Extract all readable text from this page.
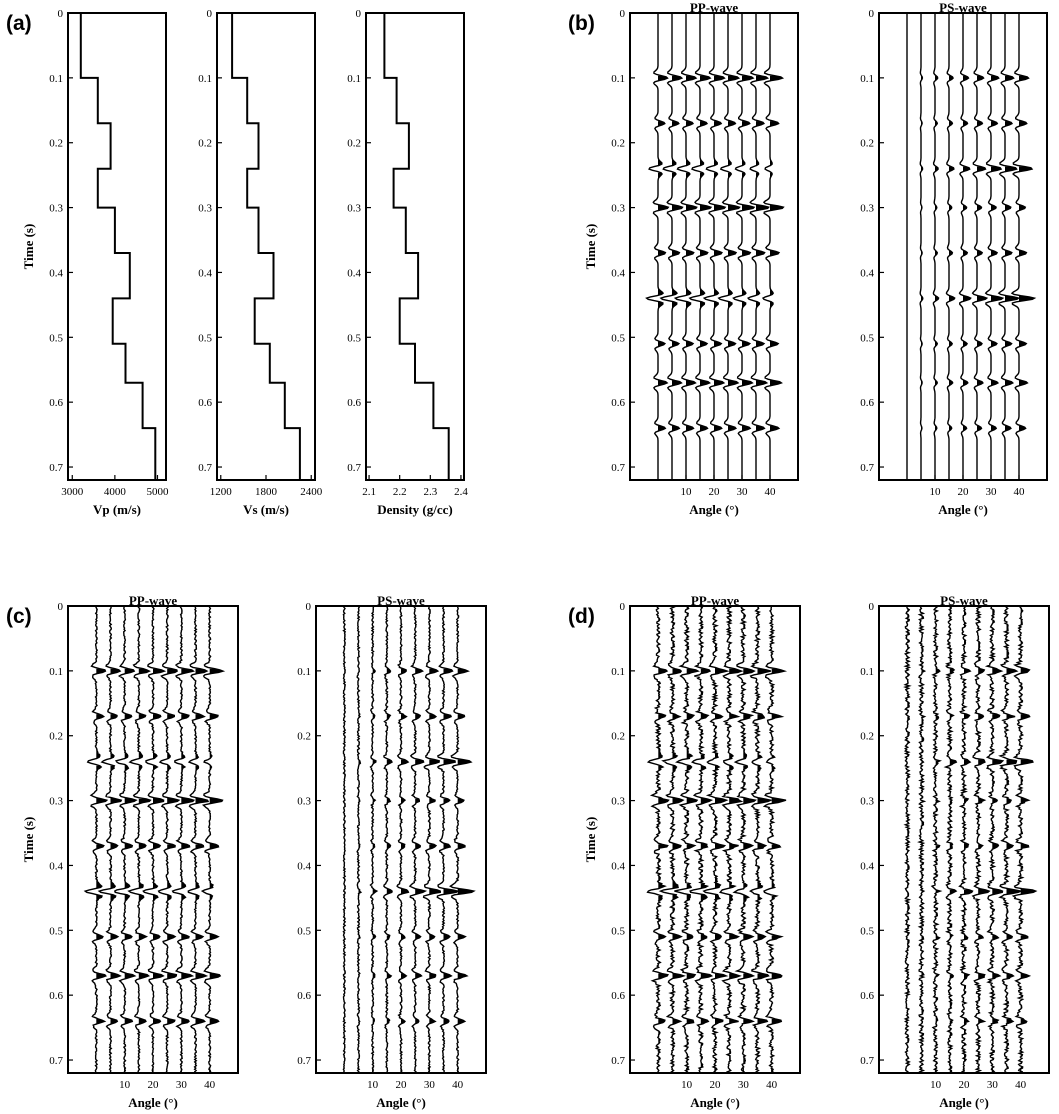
(a)	(b)
(c)	(d)
0
0.1
0.2
0.3
0.4
0.5
0.6
0.7
Time (s)
3000 4000 5000
Vp (m/s)
0
0.1
0.2
0.3
0.4
0.5
0.6
0.7
1200 1800 2400
Vs (m/s)
0
0.1
0.2
0.3
0.4
0.5
0.6
0.7
2.1 2.2 2.3 2.4
Density (g/cc)
0
0.1
0.2
0.3
0.4
0.5
0.6
0.7
Time (s)
PP-wave
10 20 30 40
Angle (°)
0
0.1
0.2
0.3
0.4
0.5
0.6
0.7
PS-wave
10 20 30 40
Angle (°)
0
0.1
0.2
0.3
0.4
0.5
0.6
0.7
Time (s)
PP-wave
10 20 30 40
Angle (°)
0
0.1
0.2
0.3
0.4
0.5
0.6
0.7
PS-wave
10 20 30 40
Angle (°)
0
0.1
0.2
0.3
0.4
0.5
0.6
0.7
Time (s)
PP-wave
10 20 30 40
Angle (°)
0
0.1
0.2
0.3
0.4
0.5
0.6
0.7
PS-wave
10 20 30 40
Angle (°)
